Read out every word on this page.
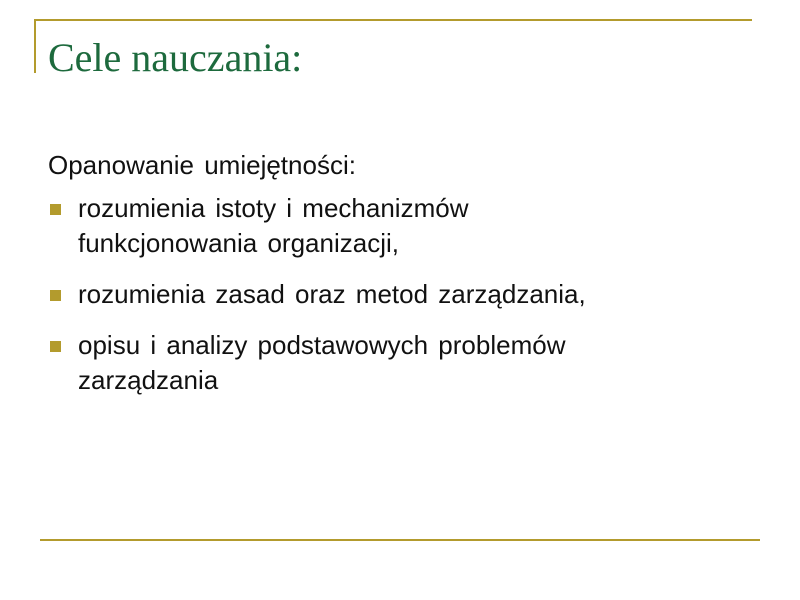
Cele nauczania:

Opanowanie umiejętności:

rozumienia istoty i mechanizmów
funkcjonowania organizacji,
rozumienia zasad oraz metod zarządzania,
opisu i analizy podstawowych problemów
zarządzania
